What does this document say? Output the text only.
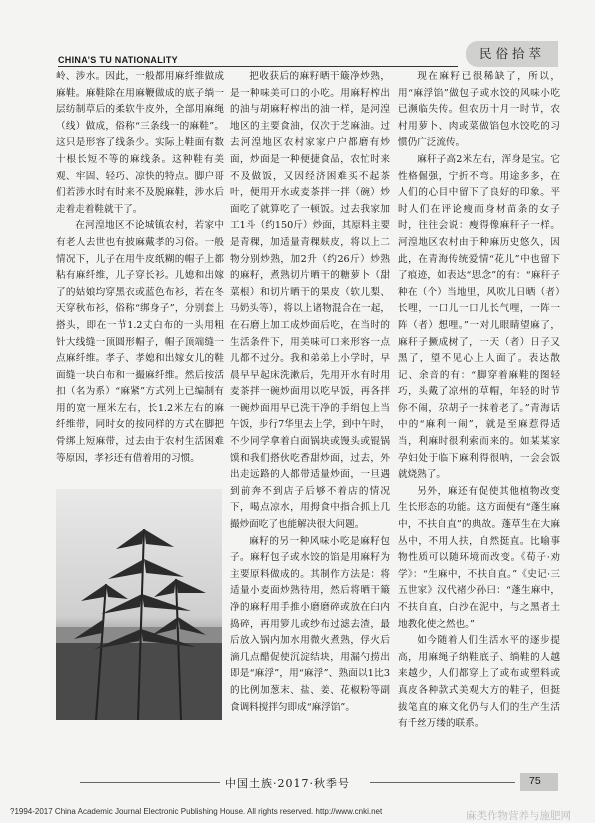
CHINA’S TU NATIONALITY	民俗拾萃

岭、涉水。因此，一般都用麻纤维做成麻鞋。麻鞋除在用麻鞭做成的底子绱一层纺制草后的柔软牛皮外，全部用麻绳（线）做成，俗称“三条线一的麻鞋”。这只是形容了线条少。实际上鞋面有数十根长短不等的麻线条。这种鞋有美观、牢固、轻巧、凉快的特点。脚户哥们若涉水时有时来不及脱麻鞋，涉水后走着走着鞋就干了。

在河湟地区不论城镇农村，若家中有老人去世也有披麻戴孝的习俗。一般情况下，儿子在用牛皮纸糊的帽子上都粘有麻纤维，儿子穿长衫。儿媳和出嫁了的姑娘均穿黑衣或蓝色布衫，若在冬天穿秋布衫，俗称“绑身子”，分别套上搭头，即在一节1.2丈白布的一头用粗针大线缝一顶圆形帽子，帽子顶端缝一点麻纤维。孝子、孝媳和出嫁女儿的鞋面缝一块白布和一撮麻纤维。然后按活扣（名为系）“麻紧”方式列上已编制有用的宽一厘米左右，长1.2米左右的麻纤维带，同时女的按同样的方式在脚把骨绑上短麻带，过去由于农村生活困难等原因，孝衫还有借着用的习惯。

把收获后的麻籽晒干簸净炒熟，是一种味美可口的小吃。用麻籽榨出的油与胡麻籽榨出的油一样，是河湟地区的主要食油，仅次于芝麻油。过去河湟地区农村家家户户都磨有炒面，炒面是一种便捷食品，农忙时来不及做饭，又因经济困难买不起茶叶，便用开水或麦茶拌一拌（碗）炒面吃了就算吃了一顿饭。过去我家加工1斗（约150斤）炒面，其原料主要是青稞，加适量青稞麸皮，将以上二物分别炒熟，加2升（约26斤）炒熟的麻籽，煮熟切片晒干的糖萝卜（甜菜根）和切片晒干的果皮（软儿梨、马奶头等），将以上诸物混合在一起，在石磨上加工成炒面后吃，在当时的生活条件下，用美味可口来形容一点儿都不过分。我和弟弟上小学时，早晨早早起床洗漱后，先用开水有时用麦茶拌一碗炒面用以吃早饭，再各拌一碗炒面用早已洗干净的手绢包上当午饭，步行7华里去上学，到中午时，不少同学拿着白面锅块或馒头或锟锅馍和我们搭伙吃香甜炒面，过去，外出走远路的人都带适量炒面，一旦遇到前奔不到店子后够不着店的情况下，喝点凉水，用拇食中指合抓上几撮炒面吃了也能解决很大问题。

麻籽的另一种风味小吃是麻籽包子。麻籽包子或水饺的馅是用麻籽为主要原料做成的。其制作方法是：将适量小麦面炒熟待用，然后将晒干簸净的麻籽用手推小磨磨碎或放在臼内捣碎，再用箩儿或纱布过滤去渣，最后放入锅内加水用微火煮熟，俘火后滴几点醋促使沉淀结块，用漏勺捞出即是“麻浮”，用“麻浮”、熟面以1比3的比例加葱末、盐、姜、花椒粉等副食调料搅拌匀即成“麻浮馅”。

现在麻籽已很稀缺了，所以，用“麻浮馅”做包子或水饺的风味小吃已濒临失传。但农历十月一时节，农村用萝卜、肉或菜做馅包水饺吃的习惯仍广泛流传。

麻秆子高2米左右，浑身是宝。它性格倔强，宁折不弯。用途多多，在人们的心目中留下了良好的印象。平时人们在评论瘦而身材苗条的女子时，往往会说：瘦得像麻秆子一样。河湟地区农村由于种麻历史悠久，因此，在青海传统爱情“花儿”中也留下了痕迹，如表达“思念”的有：“麻秆子种在（个）当地里，风吹儿日晒（者）长哩，一口儿一口儿长气哩，一阵一阵（者）想哩。”一对儿眼睛望麻了，麻秆子撅成树了，一天（者）日子又黑了，望不见心上人面了。表达散记、余音的有：“脚穿着麻鞋的图轻巧，头戴了凉州的草帽，年轻的时节你不闹，尕胡子一抹着老了。”青海话中的“麻利一闹”，就是至麻惹得适当，利麻时很利索而来的。如某某家孕妇处于临下麻利得很呐，一会会饭就烧熟了。

另外，麻还有促使其他植物改变生长形态的功能。这方面便有“蓬生麻中，不扶自直”的典故。蓬草生在大麻丛中，不用人扶，自然挺直。比喻事物性质可以随环境而改变。《荀子·劝学》：“生麻中，不扶自直。”《史记·三五世家》汉代褚少孙曰：“蓬生麻中，不扶自直，白沙在泥中，与之黑者土地教化使之然也。”

如今随着人们生活水平的逐步提高，用麻绳子纳鞋底子、绱鞋的人越来越少，人们都穿上了或布或塑料或真皮各种款式美观大方的鞋子，但挺拔笔直的麻文化仍与人们的生产生活有千丝万缕的联系。

中国土族·2017·秋季号	75
?1994-2017 China Academic Journal Electronic Publishing House. All rights reserved. http://www.cnki.net	麻类作物营养与施肥网
